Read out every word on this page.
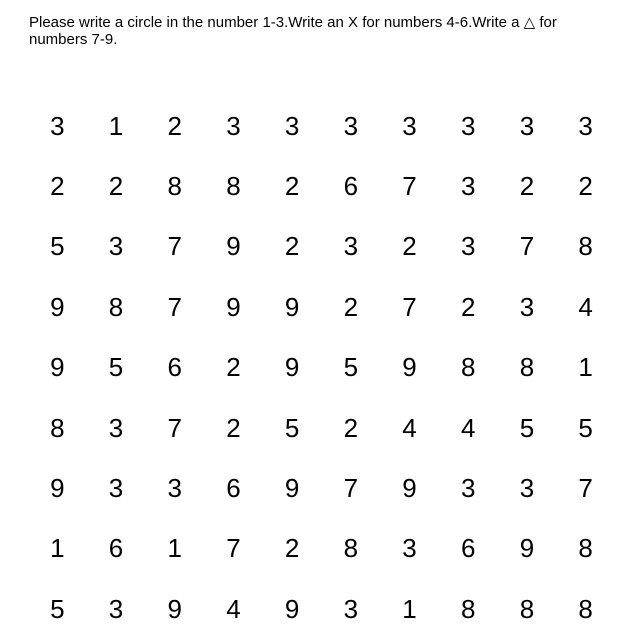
Please write a circle in the number 1-3.Write an X for numbers 4-6.Write a △ for numbers 7-9.

3	1	2	3	3	3	3	3	3	3
2	2	8	8	2	6	7	3	2	2
5	3	7	9	2	3	2	3	7	8
9	8	7	9	9	2	7	2	3	4
9	5	6	2	9	5	9	8	8	1
8	3	7	2	5	2	4	4	5	5
9	3	3	6	9	7	9	3	3	7
1	6	1	7	2	8	3	6	9	8
5	3	9	4	9	3	1	8	8	8
